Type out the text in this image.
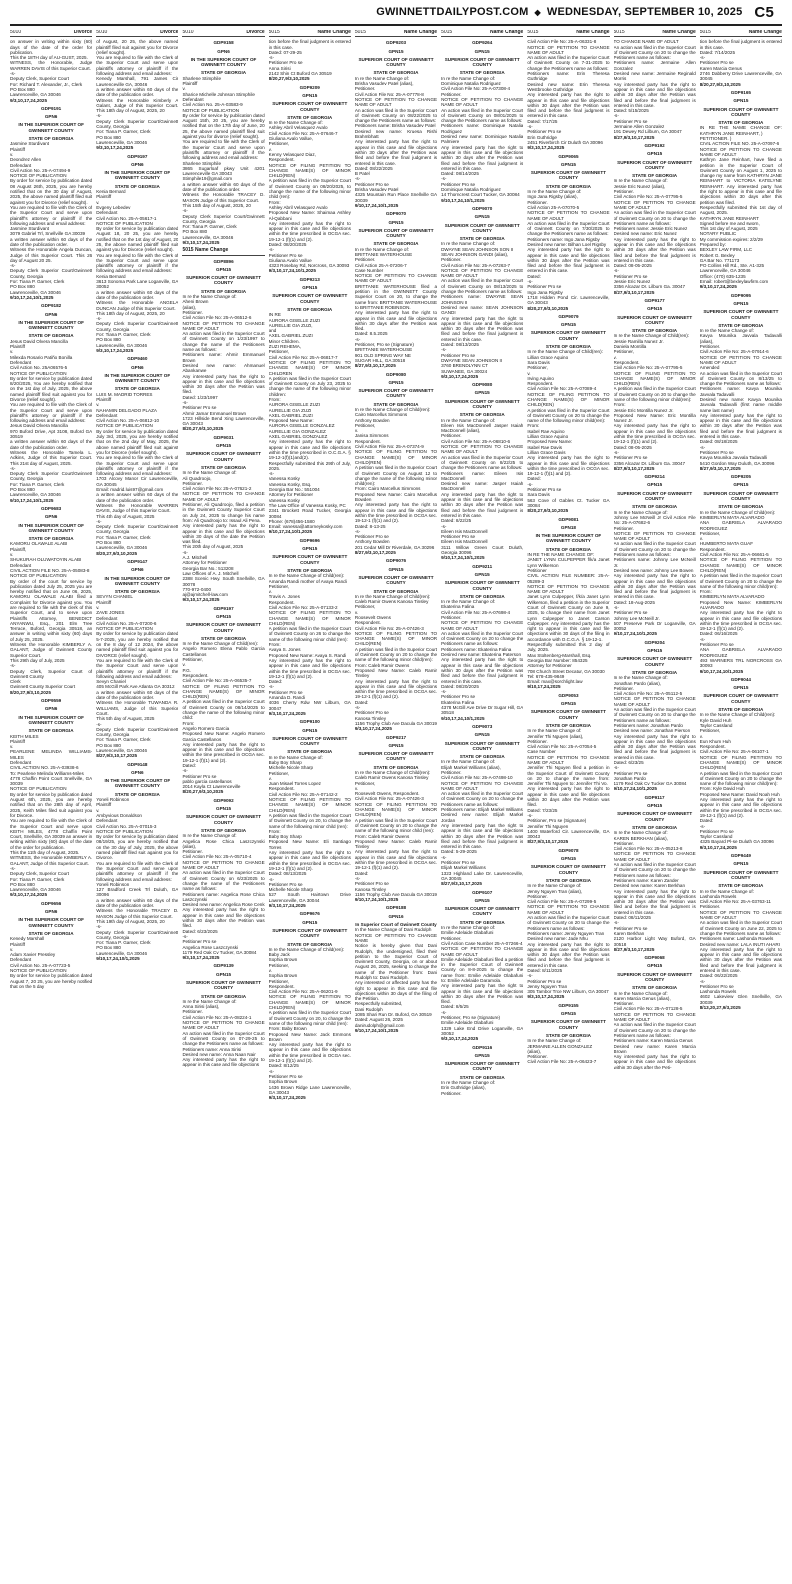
GWINNETTDAILYPOST.COM ◆ WEDNESDAY, SEPTEMBER 10, 2025 C5
5010	Divorce
on answer in writing within sixty (60) days of the date of the order for publication.
This the 18TH day of AU-GUST, 2025.
WITNESS, the Honorable, Judge WARREN DAVIS of this Superior Court.
-s-
Deputy Clerk, Superior Court
For: Richard T. Alexander, Jr., Clerk
PO Box 880
Lawrenceville, GA 30046
9/3,10,17,24,2025
GDP9191
GPN6
IN THE SUPERIOR COURT OF GWINNETT COUNTY
STATE OF GEORGIA
Jasmine Sturdivant
Plaintiff
v.
Deondrez Allen
Defendant
Civil Action No. 25-A-07494-9
NOTICE OF PUBLICATION
By order for service by publication dated 08 August 26th, 2025, you are hereby notified that on the 30 day of August, 2025, the above named plaintiff filed suit against you for Divorce (relief sought).
You are required to file with the Clerk of the Superior Court and serve upon plaintiff's attorney or plaintiff if the following address and email address:
Jasmine Sturdivant
3079 Gabriel Trl, Snellville GA 30039
a written answer within 60 days of the date of the publication order.
Witness the Honorable Angela Duncan, Judge of this Superior Court. This 26 day of August 20 25.
-s-
Deputy Clerk Superior Court/Gwinnett County, Georgia
For: Tiana P. Garner, Clerk
PO Box 880
Lawrenceville, GA 30046
9/10,17,24,10/1,2025
GDP9182
GPN6
IN THE SUPERIOR COURT OF GWINNETT COUNTY
STATE OF GEORGIA
Jesus David Olvera Mancilla
Plaintiff
v.
Milexda Rosario Patiño Bonilla
Defendant
Civil Action No. 25A06576-5
NOTICE OF PUBLICATION
By order for service by publication dated 8/20/2025, You are hereby notified that on the 1st day of July, 2025, the above named plaintiff filed suit against you for Divorce (relief sought).
You are required to file with the Clerk of the Superior Court and serve upon plaintiff's attorney or plaintiff if the following address and email address:
Jesus David Olvera Mancilla
970 Buford Drive, Apt 3108, Buford GA 30519
a written answer within 60 days of the date of the publication order.
Witness the Honorable Tamela L. Adkins, Judge of this Superior Court. This 21st day of August, 2025.
-s-
Deputy Clerk Superior Court/Gwinnett County, Georgia
For: Tiana P. Garner, Clerk
PO Box 880
Lawrenceville, GA 30046
9/10,17,24,10/1,2025
GDP9683
GPN6
IN THE SUPERIOR COURT OF GWINNETT COUNTY
STATE OF GEORGIA
KAMORU OLAWALE ALABI
Plaintiff,
v.
SHUKURAH OLUWATOYIN ALABI
Defendant
CIVIL ACTION FILE NO. 25-A-05083-8
NOTICE OF PUBLICATION
By order of the court for service by publication dated July 25, 2025 you are hereby notified that on June 06, 2025, KAMORU OLAWALE ALABI filed a Complaint for Divorce against you. You are required to file with the clerk of this Superior Court, and to serve upon Plaintiffs Attorney, BENEDICT ANYANWU, Esq., 201 Elm Tree Terrace, Buford, Georgia 30518, an answer in writing within sixty (60) days of July 25, 2025.
Witness the Honorable KIMBERLY A. GALANT, Judge of Gwinnett County Superior Court.
This 29th day of July, 2025
-s-
Deputy Clerk, Superior Court of Gwinnett County
Clerk
Gwinnett County Superior Court
8/20,27,9/3,10,2025
GDP9559
GPN6
IN THE SUPERIOR COURT OF GWINNETT COUNTY
STATE OF GEORGIA
KEITH MILES
Plaintiff
v.
PEARLENE MELINDA WILLIAMS-MILES
Defendant
CIVIL ACTION NO. 25-A-03938-6
To: Pearlene Melinda Williams-Miles
4778 Chaffin Point Court Snellville, GA 30039
NOTICE OF PUBLICATION
By order for service by publication dated August 6th, 2025, you are hereby notified that on the 28th day of April, 2025, Keith Miles filed suit against you for Divorce.
You are required to file with the Clerk of the Superior Court and serve upon KEITH MILES, 4778 Chaffin Point Court, Snellville, GA 30039 an answer in writing within sixty (60) days of the date of the order for publication.
This the 11th day of August, 2025.
WITNESS, the Honorable KIMBERLY A. GALANT, Judge of this Superior Court.
-s-
Deputy Clerk, Superior Court
For: Tiana P. Garner, Clerk
PO Box 880
Lawrenceville, GA 30046
9/3,10,17,24,2025
GDP9656
GPN6
IN THE SUPERIOR COURT OF GWINNETT COUNTY
STATE OF GEORGIA
Kenedy Marshall
Plaintiff
v.
Adam Xavier Pressley
Defendant
Civil Action No. 25-A-07723-5
NOTICE OF PUBLICATION
By order for service by publication dated August 7, 20 25, you are hereby notified that on the 5 day
5010	Divorce
of August, 20 25, the above named plaintiff filed suit against you for Divorce (relief sought).
You are required to file with the Clerk of the Superior Court and serve upon plaintiffs attorney or plaintiff if the following address and email address:
Kenedy Marshall, 791 James Cir Lawrenceville GA, 30046
a written answer within 60 days of the date of the publication order.
Witness the Honorable Kimberly A Galant, Judge of this Superior Court. This 18th day of August, 2025, 20
-s-
Deputy Clerk Superior Court/Gwinnett County, Georgia
For: Tiana P. Garner, Clerk
PO Box 880
Lawrenceville, GA 30046
9/3,10,17,24,2025
GDP9197
GPN6
IN THE SUPERIOR COURT OF GWINNETT COUNTY
STATE OF GEORGIA
Kenia Bernard
Plaintiff
v.
Evgeny Lebedev
Defendant
Civil Action No. 25-A-05617-1
NOTICE OF PUBLICATION
By order for service by publication dated August 18, 20 25, you are hereby notified that on the 1st day of August, 20 25, the above named plaintiff filed suit against you for Divorce (relief sought).
You are required to file with the Clerk of the Superior Court and serve upon plaintiffs attorney or plaintiff if the following address and email address:
Kenia Bernard
3613 Sonoma Park Lane Loganville, GA 30052
a written answer within 60 days of the date of the publication order.
Witness the Honorable ANGELA DUNCAN Judge of this Superior Court.
This 18th day of August, 2025, 20
-s-
Deputy Clerk Superior Court/Gwinnett County, Georgia
For: Tiana P. Garner, Clerk
PO Box 880
Lawrenceville, GA 30046
9/3,10,17,24,2025
GDP9460
GPN6
IN THE SUPERIOR COURT OF GWINNETT COUNTY
STATE OF GEORGIA
LUIS M. MADRID TORRES
Plaintiff
v.
NAHAMIN DELGADO PLAZA
Defendant
Civil Action No. 25-A-06812-10
NOTICE OF PUBLICATION
By order for service by publication dated July 3rd, 2025, you are hereby notified that on the 2nd day of May, 2025, the above named plaintiff filed suit against you for Divorce (relief sought).
You are required to file with the Clerk of the Superior Court and serve upon plaintiffs attorney or plaintiff if the following address and email address:
1703 Alcovy Manor Cir Lawrenceville, GA 30045
Email: madrid.luis97@gmail.com
a written answer within 60 days of the date of the publication order.
Witness the Honorable WARREN DAVIS, Judge of this Superior Court.
This 4th day of August, 2025
-s-
Deputy Clerk Superior Court/Gwinnett County, Georgia
For: Tiana P. Garner, Clerk
PO Box 880
Lawrenceville, GA 30046
8/20,27,9/3,10,2025
GDP9147
GPN6
IN THE SUPERIOR COURT OF GWINNETT COUNTY
STATE OF GEORGIA
SEVYN CHANIEL
Plaintiff
v.
ZAVE JONES
Defendant
Civil Action No. 25-A-07200-6
NOTICE OF PUBLICATION
By order for service by publication dated 5-7-2025, you are hereby notified that on the 8 day of 12 2024, the above named plaintiff filed suit against you for DIVORCE (relief sought).
You are required to file with the Clerk of the Superior Court and serve upon plaintiffs attorney or plaintiff if the following address and email address:
Sevyn Chaniel
405 McGill Park Ave Atlanta GA 30312
a written answer within 60 days of the date of the publication order.
Witness the Honorable TUWANDA R. WILLIAMS, Judge of this Superior Court.
This 5th day of August, 2025
-s-
Deputy Clerk Superior Court/Gwinnett County, Georgia
For: Tiana P. Garner, Clerk
PO Box 880
Lawrenceville, GA 30046
8/27,9/3,10,17,2025
GDP9148
GPN6
IN THE SUPERIOR COURT OF GWINNETT COUNTY
STATE OF GEORGIA
Yoneli Robinson
Plaintiff
v.
Ambyvious Donaldson
Defendant
Civil Action No. 25-A-07015-3
NOTICE OF PUBLICATION
By order for service by publication dated 08/19/25, you are hereby notified that on the 30 day of July, 2025, the above named plaintiff filed suit against you for Divorce.
You are required to file with the Clerk of the Superior Court and serve upon plaintiffs attorney or plaintiff if the following address and email address:
Yoneli Robinson
127 Bradford Creek Trl Duluth, GA 30096
a written answer within 60 days of the date of the publication order.
Witness the Honorable TRACEY D. MASON Judge of this Superior Court.
This 19th day of August, 2025, 20
-s-
Deputy Clerk Superior Court/Gwinnett County, Georgia
For: Tiana P. Garner, Clerk
PO Box 880
Lawrenceville, GA 30046
9/10,17,24,10/1,2025
5010	Divorce
GDP9158
GPN6
IN THE SUPERIOR COURT OF GWINNETT COUNTY
STATE OF GEORGIA
Sharlene Stimphile
Plaintiff
v.
Sharice Michelle Johnson Stimphile
Defendant
Civil Action No. 25-A-03583-9
NOTICE OF PUBLICATION
By order for service by publication dated August 15th, 20 25, you are hereby notified that on the 17th day of June, 20 25, the above named plaintiff filed suit against you for divorce (relief sought).
You are required to file with the Clerk of the Superior Court and serve upon plaintiffs attorney or plaintiff if the following address and email address:
Sharlene Stimphile
3865 Sugarloaf pkwy Unit 4201 Lawrenceville GA 30043
Stimphile19@gmail.com
a written answer within 60 days of the date of the publication order.
Witness the Honorable TRACEY D. MASON Judge of this Superior Court.
This 15th day of August, 2025, 20
-s-
Deputy Clerk Superior Court/Gwinnett County, Georgia
For: Tiana P. Garner, Clerk
PO Box 880
Lawrenceville, GA 30046
9/3,10,17,24,2025
5015 Name Change
GDP8896
GPN15
SUPERIOR COURT OF GWINNETT COUNTY
STATE OF GEORGIA
In re the Name Change of:
Aheni Brown
(alias),
Petitioner.
Civil Action File No: 25-A-06512-6
NOTICE OF PETITION TO CHANGE NAME OF ADULT
An action was filed in the Superior Court of Gwinnett County on 1/23/1997 to change the name of the Petitioners name as follows:
Petitioners name: Ahmir Emmanuel Brown
Desired new name: Ahmanuel Abankanwe
Any interested party has the right to appear in this case and file objections within 30 days after the Petition was filed.
Dated: 1/23/1997
-s-
Petitioner Pro se
Ahmir Jamar Emmanuel Brown
1723 Hillside Bend Xing Lawrenceville, GA 30043
8/20,27,9/3,10,2025
GDP9031
GPN15
SUPERIOR COURT OF GWINNETT COUNTY
STATE OF GEORGIA
In re the Name Change of:
Ali Quadroojo,
Petitioner.
Civil Action File No: 25-A-07621-2
NOTICE OF PETITION TO CHANGE NAME OF ADULT
Petitioner, Ali Quadroojo, filed a petition in the Gwinnett County Superior Court on July 24, 2025 to change his name from: Ali Quadroojo to: Issaul Ali Pena.
Any interested party has the right to appear in this case and file objections within 30 days of the date the Petition was filed.
This 20th day of August, 2025
-s-
A.J. Mitchell
Attorney for Petitioner
Georgia Bar No.: 513208
Law Offices of A. J. Mitchell
2388 Scenic Hwy. South Snellville, GA 30078
770-972-0400
aj@ajmitchell-law.com
9/3,10,17,24,2025
GDP9197
GPN15
SUPERIOR COURT OF GWINNETT COUNTY
STATE OF GEORGIA
In re the Name Change of Child(ren):
Angelo Romero Elena Pablo Garcia Castellanos
Petitioner,
v.
P.G.
Respondent.
Civil Action File No: 25-A-06535-7
NOTICE OF FILING PETITION TO CHANGE NAME(S) OF MINOR CHILD(REN)
A petition was filed in the Superior Court of Gwinnett County on 08/14/2025 to change the name of the following minor child:
From:
Angelo Romero Garcia
Proposed New Name: Angelo Romero Garcia Castellanos
Any interested party has the right to appear in this case and file objections within the time prescribed in OCGA sec. 19-12-1 (f)(1) and (2).
Dated:
-s-
Petitioner Pro se
pablo garcia castellanos
2014 Kayla Ct Lawrenceville
8/20,27,9/3,10,2025
GDP9092
GPN15
SUPERIOR COURT OF GWINNETT COUNTY
STATE OF GEORGIA
In re the Name Change of:
Angelica Rose Chica Laszczynski (alias),
Petitioner.
Civil Action File No: 25-A-05710-4
NOTICE OF PETITION TO CHANGE NAME OF ADULT
An action was filed in the Superior Court of Gwinnett County on 6/23/2025 to change the name of the Petitioners name as follows:
Petitioners name: Angelica Rose Chica Laszczynski
Desired new name: Angelica Rose Cenk
Any interested party has the right to appear in this case and file objections within 30 days after the Petition was filed.
Dated: 6/23/2025
-s-
Petitioner Pro se
Angelica Rose Laszczynski
1179 Red Oak Cv Tucker, GA 30084
9/3,10,17,24,2025
GDP9139
GPN15
SUPERIOR COURT OF GWINNETT COUNTY
STATE OF GEORGIA
In re the Name Change of:
Anna Sirisi (alias),
Petitioner.
Civil Action File No: 25-A-08224-1
NOTICE OF PETITION TO CHANGE NAME OF ADULT
An action was filed in the Superior Court of Gwinnett County on 07-29-25 to change the Petitioners name as follows:
Petitioners name: Anna Sirisi
Desired new name: Anna Naan Nair
Any interested party has the right to appear in this case and file objections
5015	Name Change
tion before the final judgment is entered in this case.
Dated: 07-29-25
-s-
Petitioner Pro se
Anna Sirisi
2142 Shin Ct Buford GA 30519
8/20,27,9/3,10,2025
GDP9209
GPN15
SUPERIOR COURT OF GWINNETT COUNTY
STATE OF GEORGIA
In re the Name Change of:
Ashley Abril Velasquez Avalo
Civil Action File No: 25-A-07646-7
Giuliana Avalo Vallue,
Petitioner,
v.
Kenny Velasquez Diaz,
Respondent.
NOTICE OF FILING PETITION TO CHANGE NAME(S) OF MINOR CHILD(REN)
A petition was filed in the Superior Court of Gwinnett County on 08/20/2025, to change the name of the following minor child (ren):
From:
Ashley Abril Velasquez Avalo
Proposed New Name: Shaimaa Ashley Al-Qabbani
Any interested party has the right to appear in this case and file objections within the time prescribed in OCGA sec. 19-12-1 (f)(1) and (2).
Dated: 08/20/2025
-s-
Petitioner Pro se
Giuliana Avalo Vallue
4323 Rosebay Rd, Norcross, GA 30093
9/3,10,17,24,10/1,2025
GDP9213
GPN15
SUPERIOR COURT OF GWINNETT COUNTY
STATE OF GEORGIA
IN RE
AURORA GISELLE ZUZI
AURELLIE GIA ZUZI,
and
AXEL GABRIEL ZUZI
Minor Children.
ZUZI REHEMA,
Petitioner,
Civil Action File No: 25-A-06817-7
NOTICE OF FILING PETITION TO CHANGE NAME(S) OF MINOR CHILDREN
A petition was filed in the Superior Court of Gwinnett County on July 23, 2025 to change the name of the following minor children:
From:
AURORA GISELLE ZUZI
AURELLIE GIA ZUZI
AXEL GABRIEL ZUZI
Proposed New Name:
AURORA GISELLE GONZALEZ
AURELLIE GIA GONZALEZ
AXEL GABRIEL GONZALEZ
Any interested party has the right to appear in this case and file objections within the time prescribed in O.C.G.A. § 19-12-1(f)(1)and(2).
Respectfully submitted this 29th of July, 2025.
-s-
Vanessa Kosky
Vanessa Kosky, Esq.
Georgia Bar No.: 551004
Attorney for Petitioner
Vanessa Kosky
The Law Office of Vanessa Kosky, PC
2341 Brockett Road Tucker, Georgia 30084
Phone: (678)456-1580
Email: vanessa@attorneykosky.com
9/10,17,24,10/1,2025
GDP9696
GPN15
SUPERIOR COURT OF GWINNETT COUNTY
STATE OF GEORGIA
In re the Name Change of Child(ren):
Amanda Randi mother of Avaya Randi
Petitioner,
v.
Travis A. Jones
Respondent.
Civil Action File No: 25-A-07133-2
NOTICE OF FILING PETITION TO CHANGE NAME(S) OF MINOR CHILD(REN)
A petition was filed in the Superior Court of Gwinnett County on 26 to change the name of the following minor child (ren):
From:
Avaya S. Jones
Proposed New Name: Avaya S. Randi
Any interested party has the right to appear in this case and file objections within the time prescribed in OCGA sec. 19-12-1 (f)(1) and (2).
Dated:
-s-
Petitioner Pro se
Amanda D. Randi
4036 Cherry Rdw NW Lilburn, GA 30047
9/3,10,17,24,2025
GDP9100
GPN15
SUPERIOR COURT OF GWINNETT COUNTY
STATE OF GEORGIA
In re the Name Change of:
Baby Boy Sharp
Michelle Nicole Sharp
Petitioner,
v.
Juan Misael Torres Lopez
Respondent.
Civil Action File No: 25-A-07142-2
NOTICE OF FILING PETITION TO CHANGE NAME(S) OF MINOR CHILD(REN)
A petition was filed in the Superior Court of Gwinnett County on 20, to change the name of the following minor child (ren):
From:
Baby Boy Sharp
Proposed New Name: Eli Santiago Torres
Any interested party has the right to appear in this case and file objections within the time prescribed in OCGA sec. 19-12-1 (f)(1) and (2).
Dated: 08/13/2025
-s-
Petitioner Pro se
Michelle Nicole Sharp
527 South Hairtown Drive Lawrenceville, GA 30044
9/3,10,17,24,2025
GDP9676
GPN15
SUPERIOR COURT OF GWINNETT COUNTY
STATE OF GEORGIA
In re the Name Change of Child(ren):
Baby Jack
Sophia Brown
Petitioner,
v.
Sophia Brown
Petitioner,
Respondent.
Civil Action File No: 25-A-06201-9
NOTICE OF FILING PETITION TO CHANGE NAME(S) OF MINOR CHILD(REN)
A petition was filed in the Superior Court of Gwinnett County on 20, to change the name of the following minor child (ren):
From: Baby Brown
Proposed New Name: Jack Emmons Brown
Any interested party has the right to appear in this case and file objections within the time prescribed in OCGA sec. 19-12-1 (f)(1) and (2).
Dated: 8/12/25
-s-
Petitioner Pro se
Sophia Brown
1436 Brown Ridge Lane Lawrenceville, GA 30043
9/3,10,17,24,2025
5015	Name Change
GDP9203
GPN15
SUPERIOR COURT OF GWINNETT COUNTY
STATE OF GEORGIA
In re the Name Change of:
Brisha Vasudev Patel (alias),
Petitioner.
Civil Action File No: 25-A-07778-8
NOTICE OF PETITION TO CHANGE NAME OF ADULT
An action was filed in the Superior Court of Gwinnett County on 08/22/2025 to change the Petitioners name as follows:
Petitioners name: Brisha Vasudev Patel
Desired new name: Kruesa Rishi Brahmbhatt
Any interested party has the right to appear in this case and file objections within 30 days after the Petition was filed and before the final judgment is entered in this case.
Dated: 08/22/2025
B Patel
-s-
Petitioner Pro se
Brisha Vasudev Patel
4325 Mountain Run Place Snellville GA 30039
9/10,17,24,10/1,2025
GDP9070
GPN15
SUPERIOR COURT OF GWINNETT COUNTY
STATE OF GEORGIA
In re the Name Change of:
BRITTANIE WATERHOUSE
Petitioner.
Civil Action 25-A-07206-7
Case Number
NOTICE OF PETITION TO CHANGE NAME OF ADULT
BRITTANIE WATERHOUSE filed a petition in the GWINNETT County Superior Court on 20, to change the name from: BRITTANIE WATERHOUSE to BRITTANIE ROBINSON.
Any interested party has the right to appear in this case and file objections within 30 days after the Petition was filed.
Dated: 8.5.2025
-s-
Petitioner, Pro se (Signature)
BRITTANIE WATERHOUSE
901 OLD SPRING WAY NE
SUGAR HILL, GA 30518
8/27,9/3,10,17,2025
GDP9080
GPN15
SUPERIOR COURT OF GWINNETT COUNTY
STATE OF GEORGIA
In re the Name Change of Child(ren):
Cairo Marcellus Simmons
Anthony Bowden
Petitioner,
v.
Janisa Simmons
Respondent.
Civil Action File No: 25-A-07374-9
NOTICE OF FILING PETITION TO CHANGE NAME(S) OF MINOR CHILD(REN)
A petition was filed in the Superior Court of Gwinnett County on August 12 to change the name of the following minor child(ren):
From: Cairo Marcellus Simmons
Proposed New Name: Cairo Marcellus Bowden
Any interested party has the right to appear in this case and file objections within the time prescribed in OCGA sec. 19-12-1 (f)(1) and (2).
Dated: 8-13-25
-s-
Petitioner Pro se
Anthony Bowden
201 Cedar Mill Dr Riverdale, GA 30296
8/27,9/3,10,17,2025
GDP9076
GPN15
SUPERIOR COURT OF GWINNETT COUNTY
STATE OF GEORGIA
In re the Name Change of Child(ren):
Caleb Ramir Owens Kanosa Tinsley
Petitioner,
v.
Roosevelt Owens
Respondent.
Civil Action File No: 25-A-07426-3
NOTICE OF FILING PETITION TO CHANGE NAME(S) OF MINOR CHILD(REN)
A petition was filed in the Superior Court of Gwinnett County on 20 to change the name of the following minor child(ren):
From: Caleb Ramir Owens
Proposed New Name: Caleb Ramir Tinsley
Any interested party has the right to appear in this case and file objections within the time prescribed in OCGA sec. 19-12-1 (f)(1) and (2).
Dated:
-s-
Petitioner Pro se
Kanosa Tinsley
1156 Trophy Club Ave Dacula GA 30019
9/3,10,17,24,2025
GDP9217
GPN15
SUPERIOR COURT OF GWINNETT COUNTY
STATE OF GEORGIA
In re the Name Change of Child(ren):
Caleb Ramir Owens Kanosa Tinsley
Petitioner,
v.
Roosevelt Owens, Respondent.
Civil Action File No: 25-A-07426-3
NOTICE OF FILING PETITION TO CHANGE NAME(S) OF MINOR CHILD(REN)
A petition was filed in the Superior Court of Gwinnett County on 20 to change the name of the following minor child (ren):
From: Caleb Ramir Owens
Proposed New Name: Caleb Ramir Tinsley
Any interested party has the right to appear in this case and file objections within the time prescribed in OCGA sec. 19-12-1 (f)(1) and (2).
Dated:
-s-
Petitioner Pro se
Kanosa Tinsley
1156 Trophy Club Ave Dacula GA 30019
9/10,17,24,10/1,2025
GDP9188
GPN16
In Superior Court of Gwinnett County
In the Name Change of Dani Rudolph
NOTICE OF PETITION TO CHANGE NAME
Notice is hereby given that Dani Rudolph, the undersigned, filed their petition to the Superior Court of Gwinnett County, Georgia, on or about August 26, 2025, seeking to change the name of the Petitioner from: Dani Rudolph to: Dani Rudolph.
Any interested or affected party has the right to appear in this case and file objections within 30 days of the filing of the Petition.
Respectfully submitted,
Dani Rudolph
1085 Shari Run Dr. Buford, GA 30519
Dated: August 26, 2025
danirudolph@gmail.com
9/10,17,24,10/1,2025
5015	Name Change
GDP9264
GPN15
SUPERIOR COURT OF GWINNETT COUNTY
STATE OF GEORGIA
In re the Name Change of:
Dominique Natalia Rodriguez
Civil Action File No: 25-A-07308-4
Petitioner.
NOTICE OF PETITION TO CHANGE NAME OF ADULT
An action was filed in the Superior Court of Gwinnett County on 08/01/2025 to change the Petitioners name as follows:
Petitioners name: Dominique Natalia Rodriguez
Desired new name: Dominique Natalia Palmiere
Any interested party has the right to appear in this case and file objections within 30 days after the Petition was filed and before the final judgment is entered in this case.
Dated: 08/14/2025
-s-
Petitioner Pro se
Dominique Natalia Rodriguez
14 Thorncrest Court Tucker, GA 30084
9/10,17,24,10/1,2025
GDP9070
GPN15
SUPERIOR COURT OF GWINNETT COUNTY
STATE OF GEORGIA
In re the Name Change of:
DWAYNE SEAN JOHNSON SON II
SEAN JOHNSON GANDI (alias),
Petitioner.
Civil Action File No: 25-A-07263-7
NOTICE OF PETITION TO CHANGE NAME OF ADULT
An action was filed in the Superior Court of Gwinnett County on 08/13/2025 to change the Petitioners name as follows:
Petitioners name: DWAYNE SEAN JOHNSON II
Desired new name: SEAN JOHNSON GANDI
Any interested party has the right to appear in this case and file objections within 30 days after the Petition was filed and before the final judgment is entered in this case.
Dated: 08/13/2025
-s-
Petitioner Pro se
DWAYNE SEAN JOHNSON II
3760 BRENDLYNN CT
SUWANEE, GA 30024
9/3,10,17,24,2025
GDP9080
GPN15
SUPERIOR COURT OF GWINNETT COUNTY
STATE OF GEORGIA
In re the Name Change of:
Eileen Isis MacDonnell Jasper Isaiah MacDonnell (alias),
Petitioner.
Civil Action File No: 25-A-06810-6
NOTICE OF PETITION TO CHANGE NAME OF ADULT
An action was filed in the Superior Court of Gwinnett County on 8/22/25 to change the Petitioners name as follows:
Petitioners name: Eileen Isis MacDonnell
Desired new name: Jasper Isaiah MacDonnell
Any interested party has the right to appear in this case and file objections within 30 days after the Petition was filed and before the final judgment is entered in this case.
Dated: 8/22/25
-s-
Eileen Isis MacDonnell
Petitioner Pro se
Eileen Isis MacDonnell
3111 Willow Green Court Duluth, Georgia 30096
9/10,17,24,10/1,2025
GDP9211
GPN15
SUPERIOR COURT OF GWINNETT COUNTY
STATE OF GEORGIA
In re the Name Change of:
Ekaterina Falina
Civil Action File No: 25-A-07698-4
Petitioner.
NOTICE OF PETITION TO CHANGE NAME OF ADULT
An action was filed in the Superior Court of Gwinnett County on 20 to change the Petitioners name as follows:
Petitioners name: Ekaterina Falina
Desired new name: Ekaterina Paterson
Any interested party has the right to appear in this case and file objections within 30 days after the Petition was filed and before the final judgment is entered in this case.
Dated: 08/20/2025
-s-
Petitioner Pro se
Ekaterina Falina
4378 McGill Ave Drive Dr Sugar Hill, GA 30518
9/10,17,24,10/1,2025
GDP9073
GPN15
SUPERIOR COURT OF GWINNETT COUNTY
STATE OF GEORGIA
In re the Name Change of:
Elijah Markel Williams (alias),
Petitioner.
Civil Action File No: 25-A-07498-10
NOTICE OF PETITION TO CHANGE NAME OF ADULT
An action was filed in the Superior Court of Gwinnett County on 20 to change the Petitioners name as follows:
Petitioners name: Elijah Markel Williams
Desired new name: Elijah Markel Jordan
Any interested party has the right to appear in this case and file objections within 30 days after the Petition was filed and before the final judgment is entered in this case.
Dated: 5-29-2025
-s-
Petitioner Pro se
Elijah Markel Williams
1323 Highland Lake Dr. Lawrenceville, GA 30045
8/27,9/3,10,17,2025
GDP9107
GPN15
SUPERIOR COURT OF GWINNETT COUNTY
STATE OF GEORGIA
In re the Name Change of:
Emilie Adelaide Olabafuni
Petitioner.
Civil Action Case Number 25-A-07266-4
NOTICE OF PETITION TO CHANGE NAME OF ADULT
Emilie Adelaide Olabafuni filed a petition in the Superior Court of Gwinnett County on 8-8-2025 to change the name from: Emilie Adelaide Olabafuni to: Emilie Adelaide Daramola.
Any interested party has the right to appear in this case and file objections within 30 days after the Petition was filed.
Dated: 8/5/25
-s-
Petitioner, Pro se (Signature)
Emilie Adelaide Olabafuni
1329 Lake End Drive Loganville, GA 30052
9/3,10,17,24,2025
GDP9116
GPN15
SUPERIOR COURT OF GWINNETT COUNTY
STATE OF GEORGIA
In re the Name Change of:
Erin Guthridge (alias),
Petitioner.
5015	Name Change
Civil Action File No: 25-A-06331-8
NOTICE OF PETITION TO CHANGE NAME OF ADULT
An action was filed in the Superior Court of Gwinnett County on 7-31-2025 to change the Petitioners name as follows:
Petitioners name: Erin Theresa Guthridge
Desired new name: Erin Theresa Westbrooke Guthridge
Any interested party has the right to appear in this case and file objections within 30 days after the Petition was filed and before the final judgment is entered in this case.
Dated: 7/17/25
-s-
Petitioner Pro se
Erin Guthridge
2451 Riverbirch Cir Duluth GA 30096
9/3,10,17,24,2025
GDP9065
GPN15
SUPERIOR COURT OF GWINNETT COUNTY
STATE OF GEORGIA
In re the Name Change of:
Ingo Jana Rigsby (alias),
Petitioner.
Civil Action 25-A-07070-5
NOTICE OF PETITION TO CHANGE NAME OF ADULT
An action was filed in the Superior Court of Gwinnett County on 7/30/2025 to change the Petitioners name as follows:
Petitioners name: Ingo Jana Rigsby
Desired new name: Bilhan Loel Rigsby
Any interested party has the right to appear in this case and file objections within 30 days after the Petition was filed and before the final judgment is entered in this case.
Dated:
-s-
Petitioner Pro se
Ingo Jana Rigsby
1718 Hidden Pond Cir. Lawrenceville, GA 30043
8/20,27,9/3,10,2025
GDP9079
GPN15
SUPERIOR COURT OF GWINNETT COUNTY
STATE OF GEORGIA
In re the Name Change of Child(ren):
Lillian Grace Aquino
Sara Davis
Petitioner,
v.
Irving Aquino
Respondent.
Civil Action File No: 25-A-07089-4
NOTICE OF FILING PETITION TO CHANGE NAME(S) OF MINOR CHILD(REN)
A petition was filed in the Superior Court of Gwinnett County on 20 to change the name of the following minor child(ren):
From:
Isabel Rae Aquino
Lillian Grace Aquino
Proposed New Name:
Isabel Rae Davis
Lillian Grace Davis
Any interested party has the right to appear in this case and file objections within the time prescribed in OCGA sec. 19-12-1 (f)(1) and (2).
Dated:
-s-
Petitioner Pro se
Sara Davis
563 Cove of Gables Ct. Tucker GA 30084
8/20,27,9/3,10,2025
GDP9081
GPN18
IN THE SUPERIOR COURT OF GWINNETT COUNTY
STATE OF GEORGIA
IN RE THE NAME CHANGE OF:
JANET LYNN CULPEPPER f/k/a Janet Lynn Wilkerson
Petitioner
CIVIL ACTION FILE NUMBER: 25-A-05289-3
NOTICE OF PETITION TO CHANGE NAME OF ADULT
Janet Lynn Culpepper, f/k/a Janet Lynn Wilkerson, filed a petition in the Superior Court of Gwinnett County on June 9, 2025, to change their name from Janet Lynn Culpepper to Janet Carson Culpepper. Any interested party has the right to appear in this case and file objections within 30 days of the filing in accordance with O.C.G.A. § 19-12-1.
Respectfully submitted this 2 day of July, 2025.
Max Stoltenberg-Marshall, Esq.
Georgia Bar Number: 854325
Attorney for Petitioner
708 Church Street Decatur, GA 30030
Tel: 678-435-9849
Email: max@sorchlight.law
9/10,17,24,2025
GDP9053
GPN15
SUPERIOR COURT OF GWINNETT COUNTY
STATE OF GEORGIA
In re the Name Change of:
Jennifer Thi Nguyen (alias),
Petitioner.
Civil Action File No: 25-A-07054-5
Case Number
NOTICE OF PETITION TO CHANGE NAME OF ADULT
Jennifer Thi Nguyen filed a petition in the Superior Court of Gwinnett County on 20 to change the name from: Jennifer Thi Nguyen to: Jennifer Thi Vo.
Any interested party has the right to appear in this case and file objections within 30 days after the Petition was filed.
Dated: 7/23/25
-s-
Petitioner, Pro se (Signature)
Jennifer Thi Nguyen
1400 Waterford Cir. Lawrenceville, GA 30043
8/27,9/3,10,17,2025
GDP9078
GPN15
SUPERIOR COURT OF GWINNETT COUNTY
STATE OF GEORGIA
In re the Name Change of:
Jenny Nguyen Tran (alias),
Petitioner.
Civil Action File No: 25-A-07299-5
NOTICE OF PETITION TO CHANGE NAME OF ADULT
An action was filed in the Superior Court of Gwinnett County on 20 to change the Petitioners name as follows:
Petitioners name: Jenny Nguyen Tran
Desired new name: Jade Nhu
Any interested party has the right to appear in this case and file objections within 30 days after the Petition was filed and before the final judgment is entered in this case.
Dated: 8/11/2025
-s-
Petitioner Pro se
Jenny Nguyen Tran
305 Tambor Trce NW Lilburn, GA 30047
9/3,10,17,24,2025
GDP9155
GPN15
SUPERIOR COURT OF GWINNETT COUNTY
STATE OF GEORGIA
In re the Name Change of:
JERMAINE ALLEN GONZALEZ
(alias),
Petitioner.
Civil Action File No: 25-A-06423-7
5015	Name Change
TO CHANGE NAME OF ADULT
An action was filed in the Superior Court of Gwinnett County on 20 to change the Petitioners name as follows:
Petitioners name: Jermaine Allen Gonzalez
Desired new name: Jermaine Reginald Morris
Any interested party has the right to appear in this case and file objections within 30 days after the Petition was filed and before the final judgment is entered in this case.
Dated: 5/15/2025
-s-
Petitioner Pro se
Jermaine Allen Gonzalez
191 Dewey Rd Lilburn, GA 30047
8/27,9/3,10,17,2025
GDP9192
GPN15
SUPERIOR COURT OF GWINNETT COUNTY
STATE OF GEORGIA
In re the Name Change of:
Jessie Eric Nunez (alias),
Petitioner.
Civil Action File No: 25-A-07795-5
NOTICE OF PETITION TO CHANGE NAME OF ADULT
An action was filed in the Superior Court of Gwinnett County on 20 to change the Petitioners name as follows:
Petitioners name: Jessie Eric Nunez
Desired new name: Eric Nunez
Any interested party has the right to appear in this case and file objections within 30 days after the Petition was filed and before the final judgment is entered in this case.
Dated: 08-05-2025
-s-
Petitioner Pro se
Jessie Eric Nunez
3356 Alcazar Dr. Lilburn Ga. 30047
8/27,9/3,10,17,2025
GDP9177
GPN15
SUPERIOR COURT OF GWINNETT COUNTY
STATE OF GEORGIA
In re the Name Change of Child(ren):
Jessie Ramilla Nunez Jr.
Daniela Montilla
Petitioner,
v.
Respondent.
Civil Action File No: 25-A-07795-5
NOTICE OF FILING PETITION TO CHANGE NAME(S) OF MINOR CHILD(REN)
A petition was filed in the Superior Court of Gwinnett County on 20 to change the name of the following minor child(ren):
From:
Jessie Eric Montilla Nunez Jr.
Proposed New Name: Eric Montilla Nunez Jr.
Any interested party has the right to appear in this case and file objections within the time prescribed in OCGA sec. 19-12-1 (f)(1) and (2).
Dated: 08-05-2025
-s-
Petitioner Pro se
3356 Alcazar Dr. Lilburn Ga. 30047
8/27,9/3,10,17,2025
GDP9214
GPN15
SUPERIOR COURT OF GWINNETT COUNTY
STATE OF GEORGIA
In re the Name Change of:
Johnny Lee McNeill Jr Civil Action File No: 25-A-07682-6
Petitioner.
NOTICE OF PETITION TO CHANGE NAME OF ADULT
An action was filed in the Superior Court of Gwinnett County on 20 to change the Petitioners name as follows:
Petitioners name: Johnny Lee McNeill Jr.
Desired new name: Johnny Lee Bowen
Any interested party has the right to appear in this case and file objections within 30 days after the Petition was filed and before the final judgment is entered in this case.
Dated: 18-Aug-2025
-s-
Petitioner Pro se
Johnny Lee McNeill Jr.
507 Preserve Park Dr Loganville, GA 30052
9/10,17,24,10/1,2025
GDP9204
GPN15
SUPERIOR COURT OF GWINNETT COUNTY
STATE OF GEORGIA
In re the Name Change of:
Jonathan Pardo (alias),
Petitioner.
Civil Action File No: 25-A-05112-5
NOTICE OF PETITION TO CHANGE NAME OF ADULT
An action was filed in the Superior Court of Gwinnett County on 20 to change the Petitioners name as follows:
Petitioners name: Jonathan Pardo
Desired new name: Jonathan Pierson
Any interested party has the right to appear in this case and file objections within 30 days after the Petition was filed and before the final judgment is entered in this case.
Dated: 6/23/25
-s-
Petitioner Pro se
Jonathan Pardo
1179 Red Oak Cv Tucker GA 30084
9/10,17,24,10/1,2025
GDP9117
GPN15
SUPERIOR COURT OF GWINNETT COUNTY
STATE OF GEORGIA
In re the Name Change of:
KAREN BERKHAN (alias),
Petitioner.
Civil Action File No: 25-A-05213-8
NOTICE OF PETITION TO CHANGE NAME OF ADULT
An action was filed in the Superior Court of Gwinnett County on 20 to change the Petitioners name as follows:
Petitioners name: Karen Zander
Desired new name: Karen Berkhan
Any interested party has the right to appear in this case and file objections within 30 days after the Petition was filed and before the final judgment is entered in this case.
Dated: 08/11/2025
-s-
Petitioner Pro se
Karen Berkhan
2120 Harbor Light Way Buford, GA 30518
8/27,9/3,10,17,2025
GDP9068
GPN15
SUPERIOR COURT OF GWINNETT COUNTY
STATE OF GEORGIA
In re the Name Change of:
Karen Marcia Genus (alias),
Petitioner.
Civil Action File No: 25-A-07128-5
NOTICE OF PETITION TO CHANGE NAME OF ADULT
An action was filed in the Superior Court of Gwinnett County on 20 to change the Petitioners name as follows:
Petitioners name: Karen Marcia Genus
Desired new name: Karen Marcia Brown
Any interested party has the right to appear in this case and file objections within 30 days after the Peti-
5015	Name Change
tion before the final judgment is entered in this case.
Dated: 7/14/2025
-s-
Petitioner Pro se
Karen Marcia Genus
2746 Dabberry Drive Lawrenceville, GA 30045
8/20,27,9/3,10,2025
GDP9165
GPN15
SUPERIOR COURT OF GWINNETT COUNTY
STATE OF GEORGIA
IN RE THE NAME CHANGE OF: KATHRYN JANE REINHART, )
PETITIONER. )
CIVIL ACTION FILE NO. 25-A-07097-6
NOTICE OF PETITION TO CHANGE NAME OF ADULT
Kathryn Jane Reinhart, have filed a petition in the Superior Court of Gwinnett County on August 1, 2025 to change my name from KATHRYN JANE REINHART to VICTORIA KATELYNE REINHART. Any interested party has the right to appear in this case and file objections within 30 days after this petition was filed.
Respectfully submitted this 1st day of August, 2025.
KATHRYN JANE REINHART
Signed before me and sworn,
This 1st day of August, 2025
NOTARY PUBLIC
My commission expires: 2/2/29
Prepared by:
BEXLEY LAW FIRM, LLC
Robert G. Bexley
GA Bar No. 771173
PO Collins Hill Rd., Ste. A1-325
Lawrenceville, GA 30046
Office: (470) 635-1235
Email: robert@bexleylawfirm.com
9/3,10,17,24,2025
GDP9095
GPN15
SUPERIOR COURT OF GWINNETT COUNTY
STATE OF GEORGIA
In re the Name Change of:
Kavya Mounika Javvala Tadavalli (alias),
Petitioner.
Civil Action File No: 25-A-07914-6
NOTICE OF PETITION TO CHANGE NAME OF ADULT
Amended
An action was filed in the Superior Court of Gwinnett County on 8/13/25 to change the Petitioners name as follows:
Petitioners name: Kavya Mounika Javvala Tadavalli
Desired new name: Kavya Mounika Javvala Tadavalli (first name middle name last name)
Any interested party has the right to appear in this case and file objections within 30 days after the Petition was filed and before the final judgment is entered in this case.
Dated: 08/18/2025
-s-
Petitioner Pro se
Kavya Mounika Javvala Tadavalli
5410 Gordon Way Duluth, GA 30096
8/27,9/3,10,17,2025
GDP9205
GPN15
SUPERIOR COURT OF GWINNETT COUNTY
STATE OF GEORGIA
In re the Name Change of Child(ren):
KIMBERLYN MATA ALVARADO
ANA GABRIELA ALVARADO RODRIGUEZ
Petitioner,
v.
HUMBERTO MATA GUAF
Respondent.
Civil Action File No: 25-A-06661-5
NOTICE OF FILING PETITION TO CHANGE NAME(S) OF MINOR CHILD(REN)
A petition was filed in the Superior Court of Gwinnett County on 20 to change the name of the following minor child(ren):
From:
KIMBERLYN MATA ALVARADO
Proposed New Name: KIMBERLYN ALVARADO
Any interested party has the right to appear in this case and file objections within the time prescribed in OCGA sec. 19-12-1 (f)(1) and (2).
Dated: 06/16/2025
-s-
Petitioner Pro se
ANA GABRIELA ALVARADO RODRIGUEZ
493 WARNERS TRL NORCROSS GA 30093
9/10,17,24,10/1,2025
GDP9044
GPN15
SUPERIOR COURT OF GWINNETT COUNTY
STATE OF GEORGIA
In re the Name Change of Child(ren):
Kyle David Huh
Taylor Cassland
Petitioner,
v.
Eun Khum Huh
Respondent.
Civil Action File No: 25-A-06107-1
NOTICE OF FILING PETITION TO CHANGE NAME(S) OF MINOR CHILD(REN)
A petition was filed in the Superior Court of Gwinnett County on 20 to change the name of the following minor child(ren):
From: Kyle David Huh
Proposed New Name: David Noah Huh
Any interested party has the right to appear in this case and file objections within the time prescribed in OCGA sec. 19-12-1 (f)(1) and (2).
Dated:
-s-
Petitioner Pro se
Taylor Cassland
4325 Bayard Pl-se Duluth GA 30096
9/3,10,17,24,2025
GDP9449
GPN15
SUPERIOR COURT OF GWINNETT COUNTY
STATE OF GEORGIA
In re the Name Change of:
Lashonda Rowels
Civil Action File No: 25-A-03763-11
Petitioner.
NOTICE OF PETITION TO CHANGE NAME OF ADULT
An action was filed in the Superior Court of Gwinnett County on June 22, 2025 to change the Petitioners name as follows:
Petitioners name: Lashonda Rowels
Desired new name: LALA INUTI AHARI
Any interested party has the right to appear in this case and file objections within 30 days after the Petition was filed and before the final judgment is entered in this case.
Dated: 06/22/2025
-s-
Petitioner Pro se
Lashonda Rowels
4602 Lakeview Glen Snellville, GA 30039
8/13,20,27,9/3,2025
